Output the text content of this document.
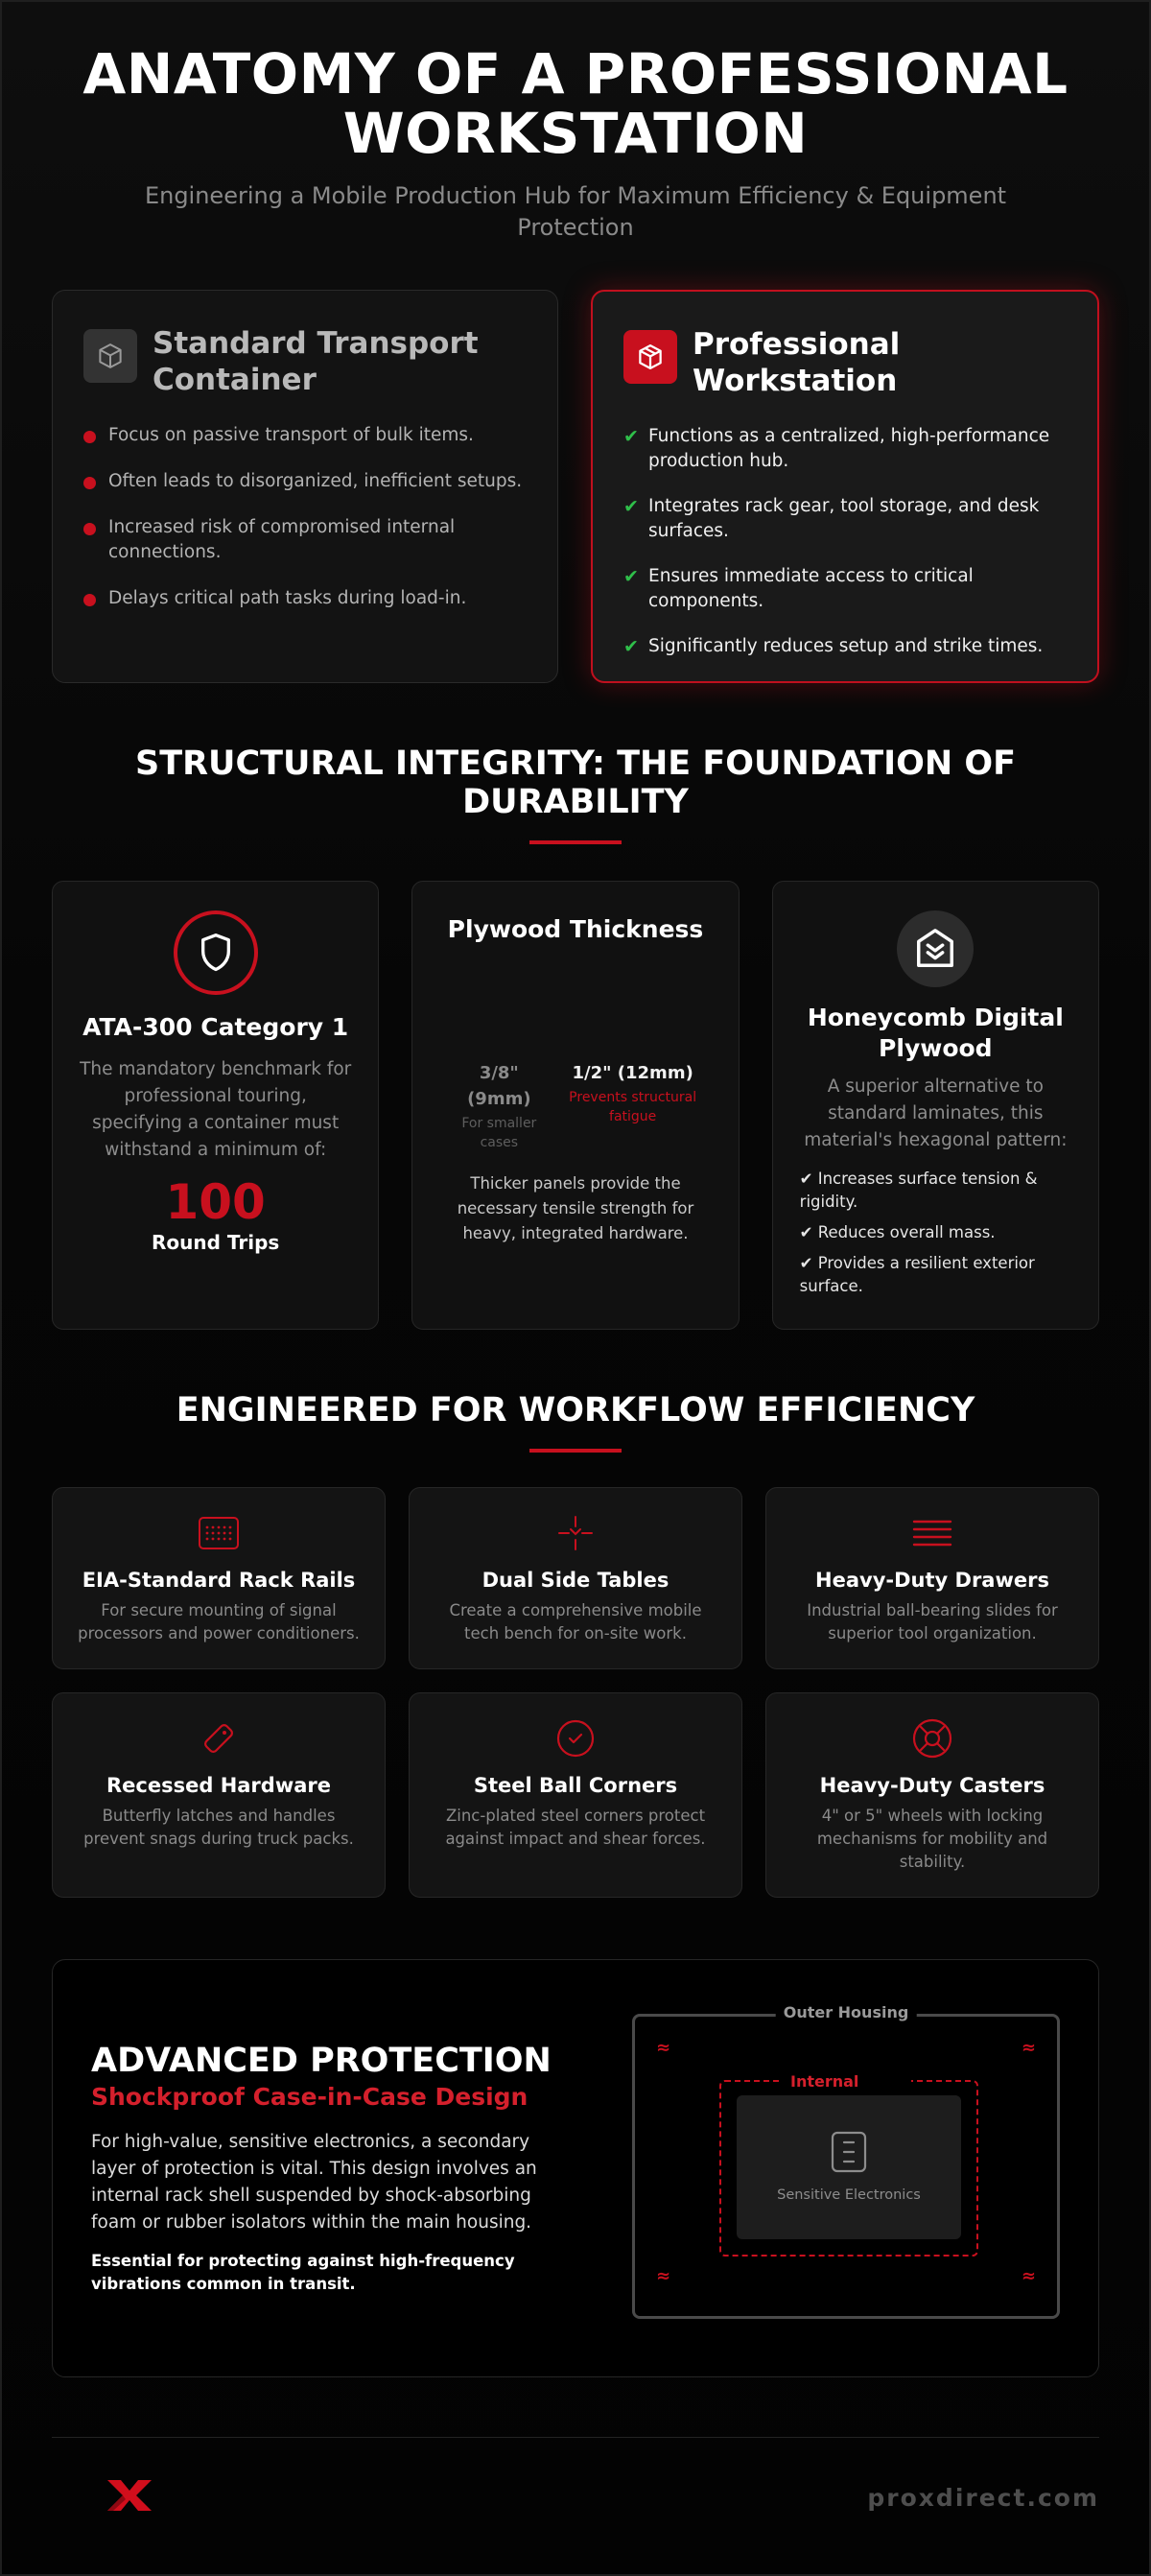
ANATOMY OF A PROFESSIONAL WORKSTATION

Engineering a Mobile Production Hub for Maximum Efficiency & Equipment Protection

Standard Transport Container
Focus on passive transport of bulk items.
Often leads to disorganized, inefficient setups.
Increased risk of compromised internal connections.
Delays critical path tasks during load-in.
Professional Workstation
✔ Functions as a centralized, high-performance production hub.
✔ Integrates rack gear, tool storage, and desk surfaces.
✔ Ensures immediate access to critical components.
✔ Significantly reduces setup and strike times.
STRUCTURAL INTEGRITY: THE FOUNDATION OF DURABILITY
ATA-300 Category 1

The mandatory benchmark for professional touring, specifying a container must withstand a minimum of:

100
Round Trips
Plywood Thickness
3/8" (9mm)
For smaller cases
1/2" (12mm)
Prevents structural fatigue

Thicker panels provide the necessary tensile strength for heavy, integrated hardware.

Honeycomb Digital Plywood

A superior alternative to standard laminates, this material's hexagonal pattern:

✔ Increases surface tension & rigidity.
✔ Reduces overall mass.
✔ Provides a resilient exterior surface.
ENGINEERED FOR WORKFLOW EFFICIENCY
EIA-Standard Rack Rails

For secure mounting of signal processors and power conditioners.

Dual Side Tables

Create a comprehensive mobile tech bench for on-site work.

Heavy-Duty Drawers

Industrial ball-bearing slides for superior tool organization.

Recessed Hardware

Butterfly latches and handles prevent snags during truck packs.

Steel Ball Corners

Zinc-plated steel corners protect against impact and shear forces.

Heavy-Duty Casters

4" or 5" wheels with locking mechanisms for mobility and stability.

ADVANCED PROTECTION
Shockproof Case-in-Case Design

For high-value, sensitive electronics, a secondary layer of protection is vital. This design involves an internal rack shell suspended by shock-absorbing foam or rubber isolators within the main housing.

Essential for protecting against high-frequency vibrations common in transit.

Outer Housing
≈	≈
≈	≈
Internal
Sensitive Electronics
proxdirect.com
